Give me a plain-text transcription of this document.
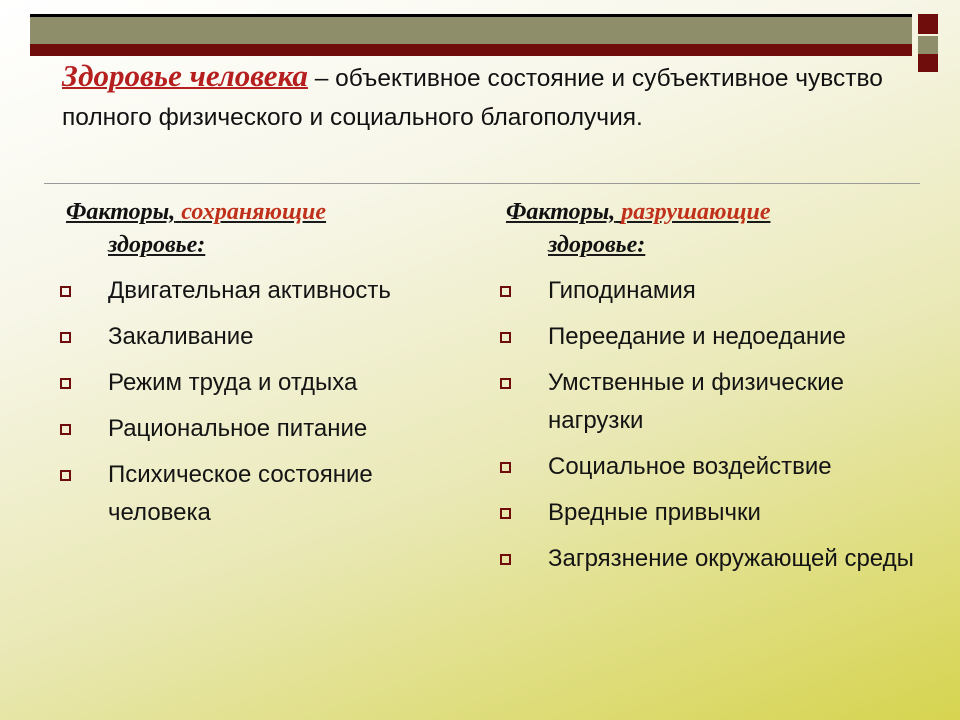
Здоровье человека – объективное состояние и субъективное чувство полного физического и социального благополучия.
Факторы, сохраняющие
здоровье:
Двигательная активность
Закаливание
Режим труда и отдыха
Рациональное питание
Психическое состояние человека
Факторы, разрушающие
здоровье:
Гиподинамия
Переедание и недоедание
Умственные и физические нагрузки
Социальное воздействие
Вредные привычки
Загрязнение окружающей среды
